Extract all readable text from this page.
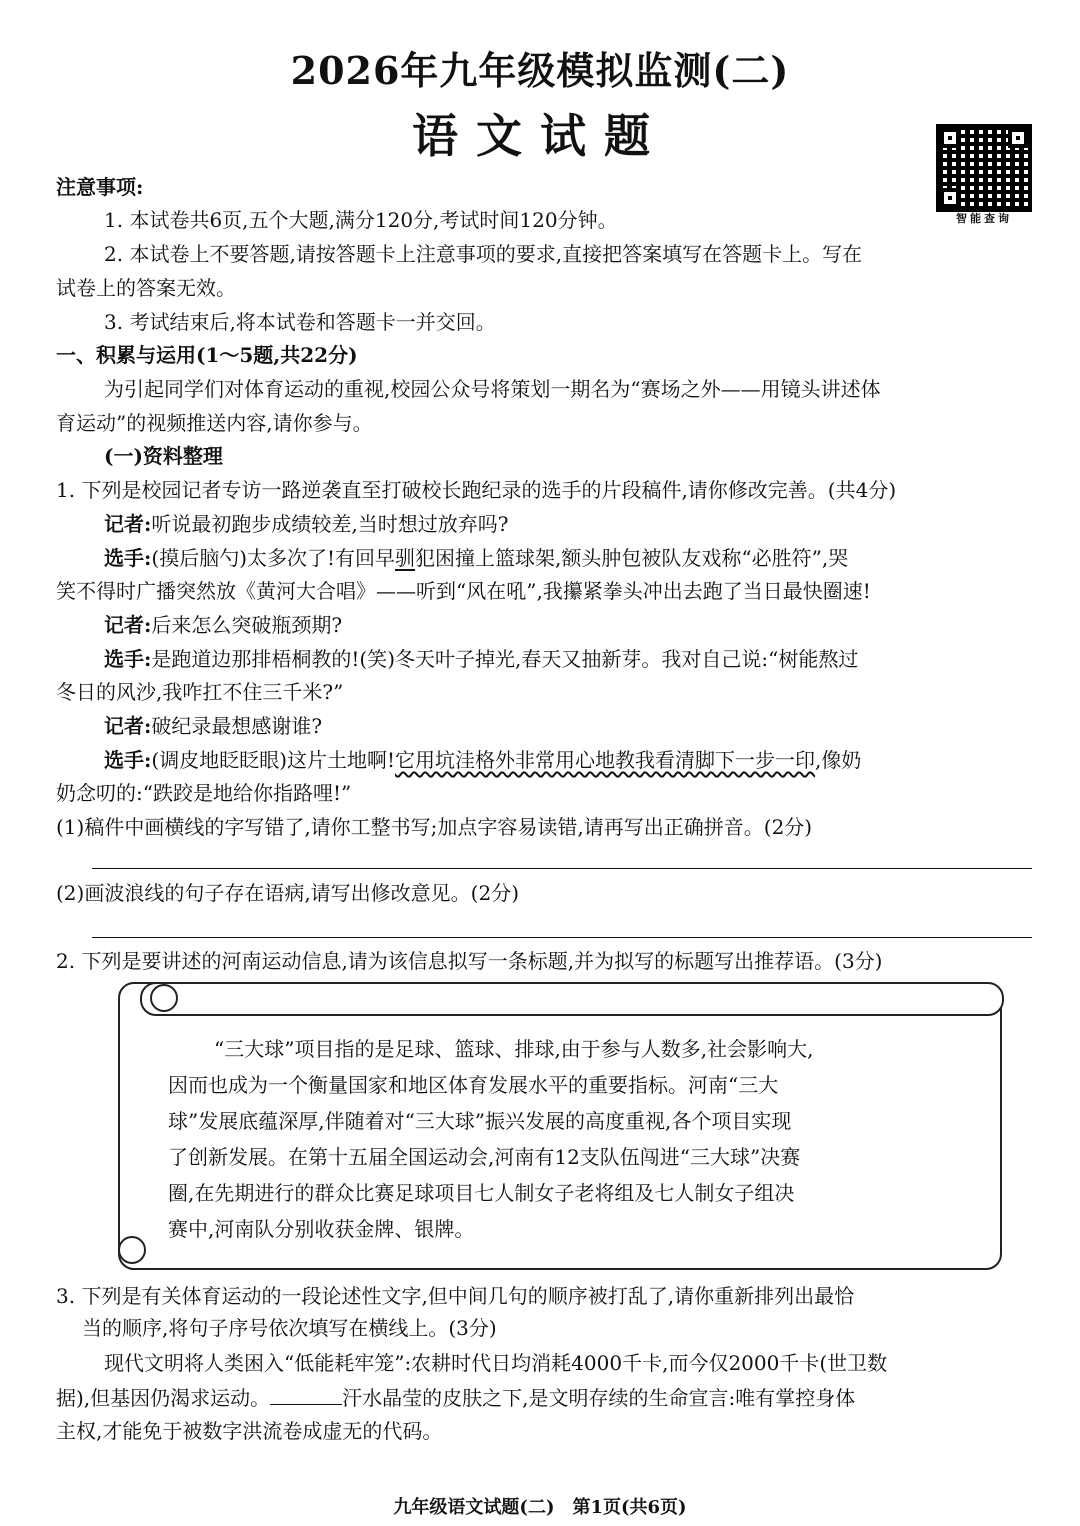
2026年九年级模拟监测(二)
语文试题
智能查询
注意事项:
1. 本试卷共6页,五个大题,满分120分,考试时间120分钟。
2. 本试卷上不要答题,请按答题卡上注意事项的要求,直接把答案填写在答题卡上。写在
试卷上的答案无效。
3. 考试结束后,将本试卷和答题卡一并交回。
一、积累与运用(1～5题,共22分)
为引起同学们对体育运动的重视,校园公众号将策划一期名为“赛场之外——用镜头讲述体
育运动”的视频推送内容,请你参与。
(一)资料整理
1. 下列是校园记者专访一路逆袭直至打破校长跑纪录的选手的片段稿件,请你修改完善。(共4分)
记者:听说最初跑步成绩较差,当时想过放弃吗?
选手:(摸后脑勺)太多次了!有回早驯犯困撞上篮球架,额头肿包被队友戏称“必胜符”,哭
笑不得时广播突然放《黄河大合唱》——听到“风在吼”,我攥紧拳头冲出去跑了当日最快圈速!
记者:后来怎么突破瓶颈期?
选手:是跑道边那排梧桐教的!(笑)冬天叶子掉光,春天又抽新芽。我对自己说:“树能熬过
冬日的风沙,我咋扛不住三千米?”
记者:破纪录最想感谢谁?
选手:(调皮地眨眨眼)这片土地啊!它用坑洼格外非常用心地教我看清脚下一步一印,像奶
奶念叨的:“跌跤是地给你指路哩!”
(1)稿件中画横线的字写错了,请你工整书写;加点字容易读错,请再写出正确拼音。(2分)
(2)画波浪线的句子存在语病,请写出修改意见。(2分)
2. 下列是要讲述的河南运动信息,请为该信息拟写一条标题,并为拟写的标题写出推荐语。(3分)
“三大球”项目指的是足球、篮球、排球,由于参与人数多,社会影响大,
因而也成为一个衡量国家和地区体育发展水平的重要指标。河南“三大
球”发展底蕴深厚,伴随着对“三大球”振兴发展的高度重视,各个项目实现
了创新发展。在第十五届全国运动会,河南有12支队伍闯进“三大球”决赛
圈,在先期进行的群众比赛足球项目七人制女子老将组及七人制女子组决
赛中,河南队分别收获金牌、银牌。
3. 下列是有关体育运动的一段论述性文字,但中间几句的顺序被打乱了,请你重新排列出最恰
当的顺序,将句子序号依次填写在横线上。(3分)
现代文明将人类困入“低能耗牢笼”:农耕时代日均消耗4000千卡,而今仅2000千卡(世卫数
据),但基因仍渴求运动。	汗水晶莹的皮肤之下,是文明存续的生命宣言:唯有掌控身体
主权,才能免于被数字洪流卷成虚无的代码。
九年级语文试题(二)　第1页(共6页)
